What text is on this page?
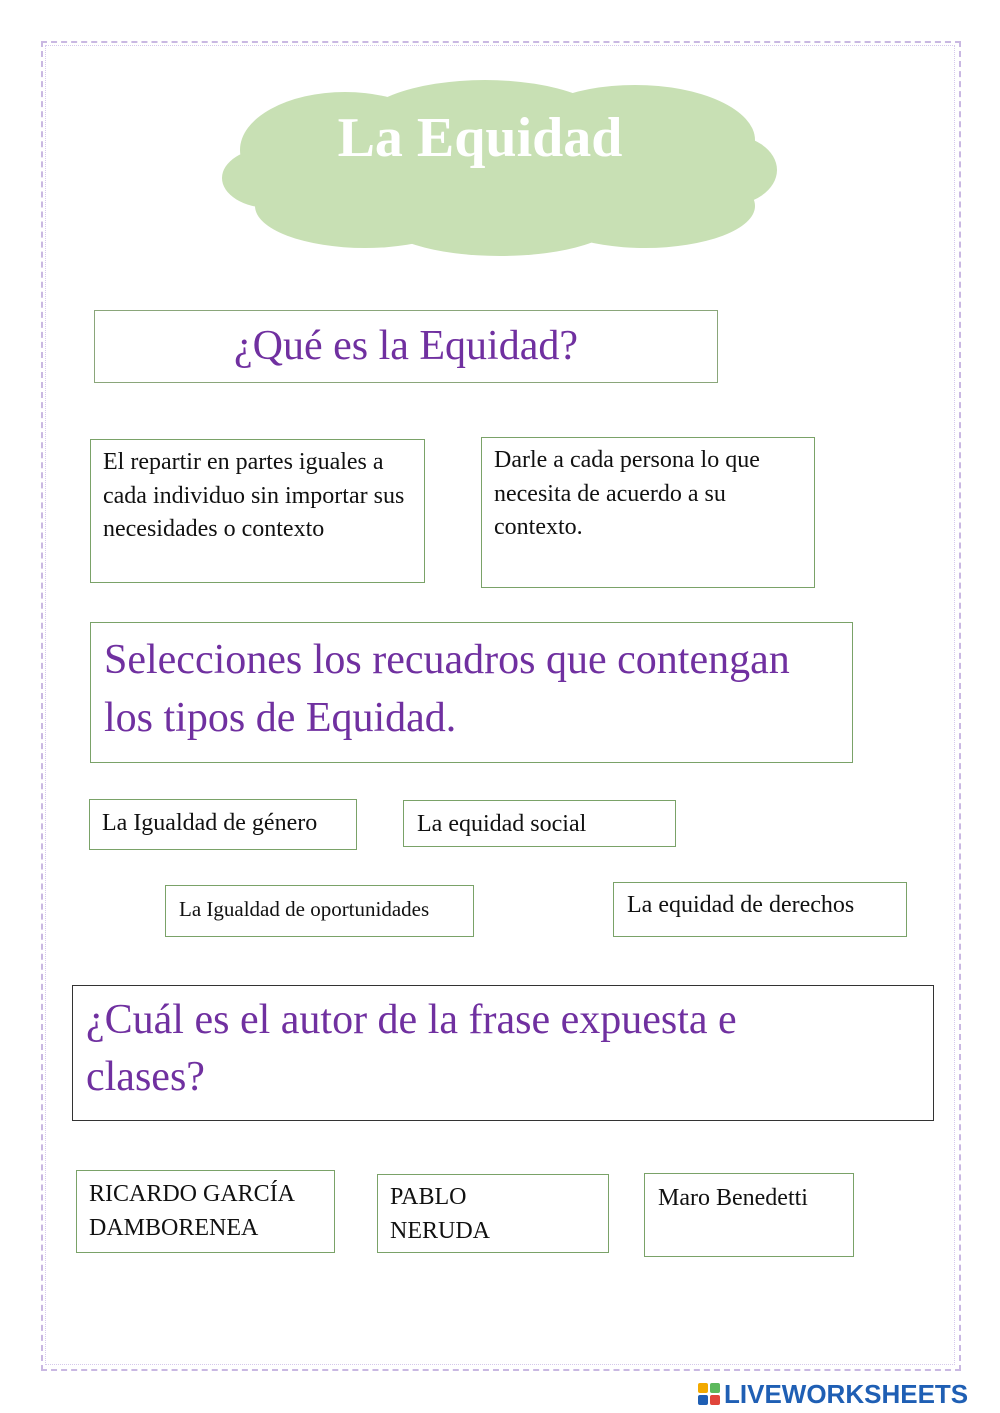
La Equidad
¿Qué es la Equidad?
El repartir en partes iguales a cada individuo sin importar sus necesidades o contexto
Darle a cada persona lo que necesita de acuerdo a su contexto.
Selecciones los recuadros que contengan los tipos de Equidad.
La Igualdad de género	La equidad social
La Igualdad de oportunidades	La equidad de derechos
¿Cuál es el autor de la frase expuesta e clases?
RICARDO GARCÍA DAMBORENEA
PABLO NERUDA
Maro Benedetti
LIVEWORKSHEETS
